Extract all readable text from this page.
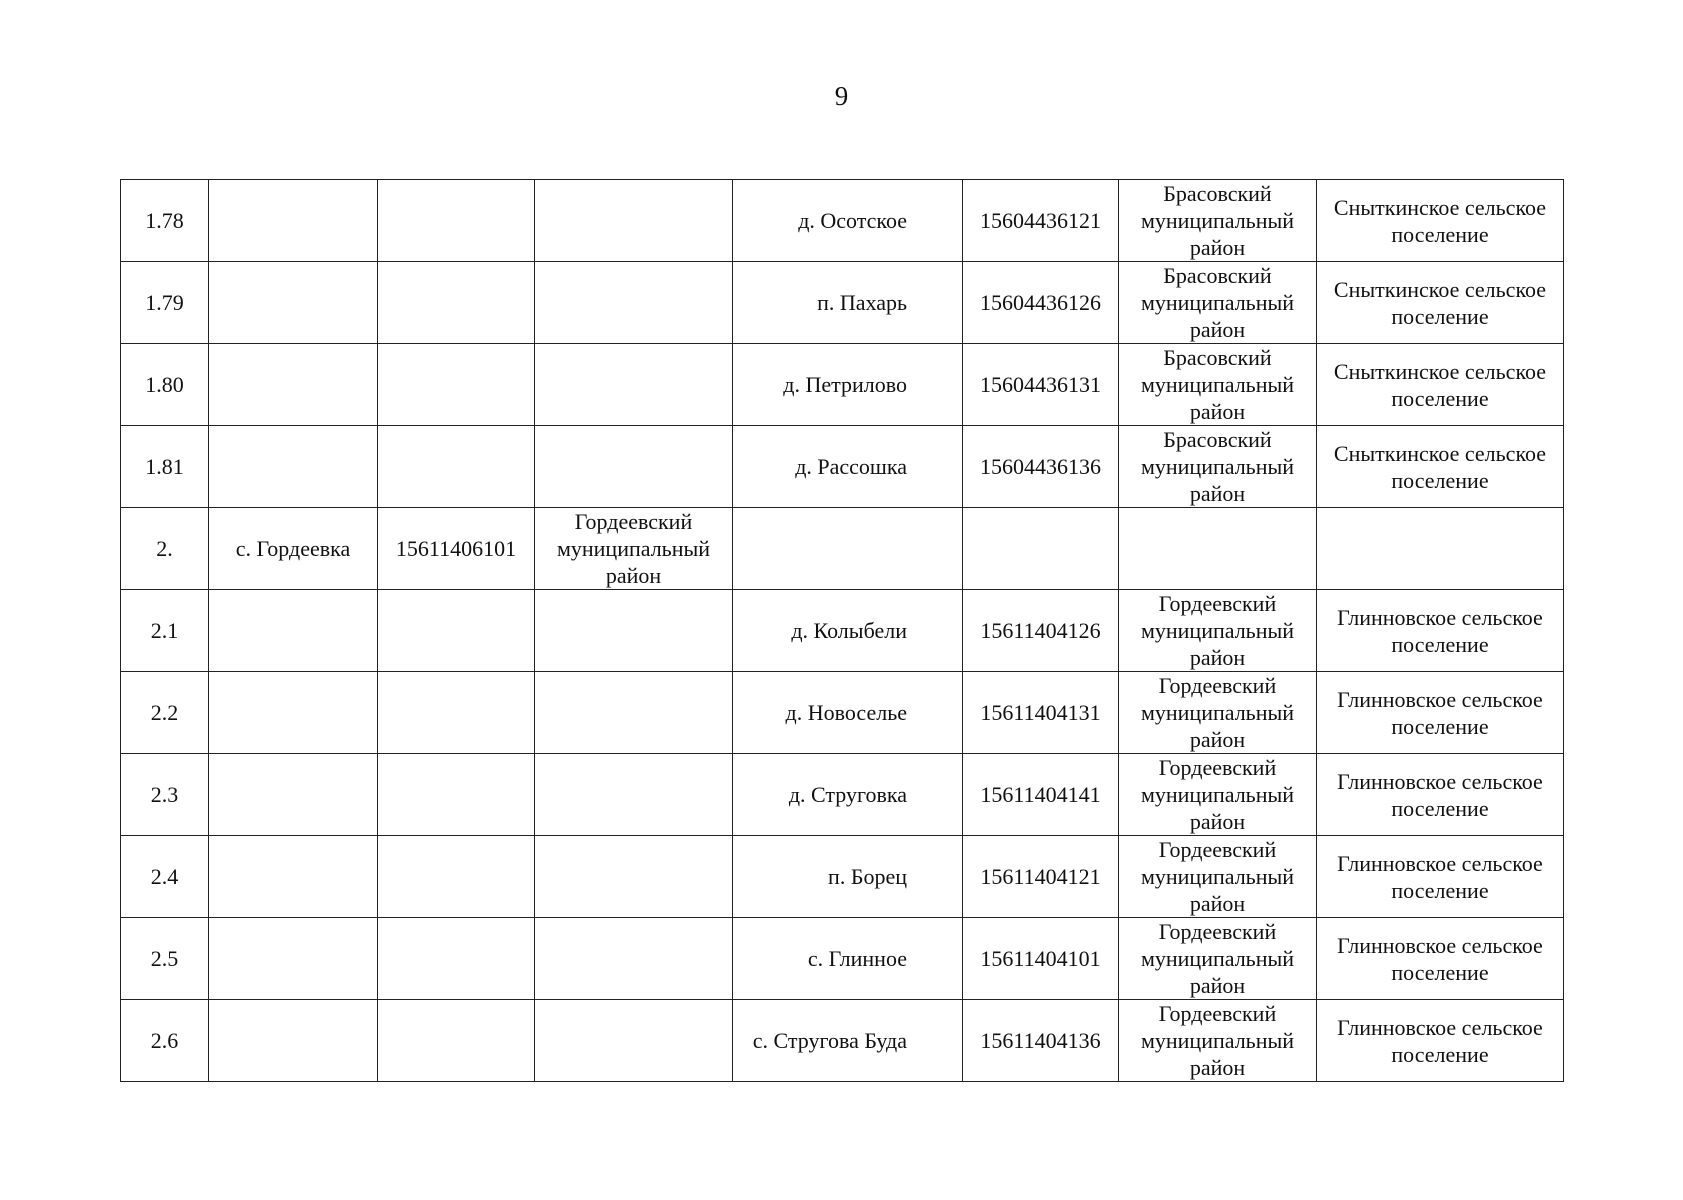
9
1.78				д. Осотское	15604436121	Брасовский муниципальный район	Сныткинское сельское поселение
1.79				п. Пахарь	15604436126	Брасовский муниципальный район	Сныткинское сельское поселение
1.80				д. Петрилово	15604436131	Брасовский муниципальный район	Сныткинское сельское поселение
1.81				д. Рассошка	15604436136	Брасовский муниципальный район	Сныткинское сельское поселение
2.	с. Гордеевка	15611406101	Гордеевский муниципальный район				
2.1				д. Колыбели	15611404126	Гордеевский муниципальный район	Глинновское сельское поселение
2.2				д. Новоселье	15611404131	Гордеевский муниципальный район	Глинновское сельское поселение
2.3				д. Струговка	15611404141	Гордеевский муниципальный район	Глинновское сельское поселение
2.4				п. Борец	15611404121	Гордеевский муниципальный район	Глинновское сельское поселение
2.5				с. Глинное	15611404101	Гордеевский муниципальный район	Глинновское сельское поселение
2.6				с. Стругова Буда	15611404136	Гордеевский муниципальный район	Глинновское сельское поселение
